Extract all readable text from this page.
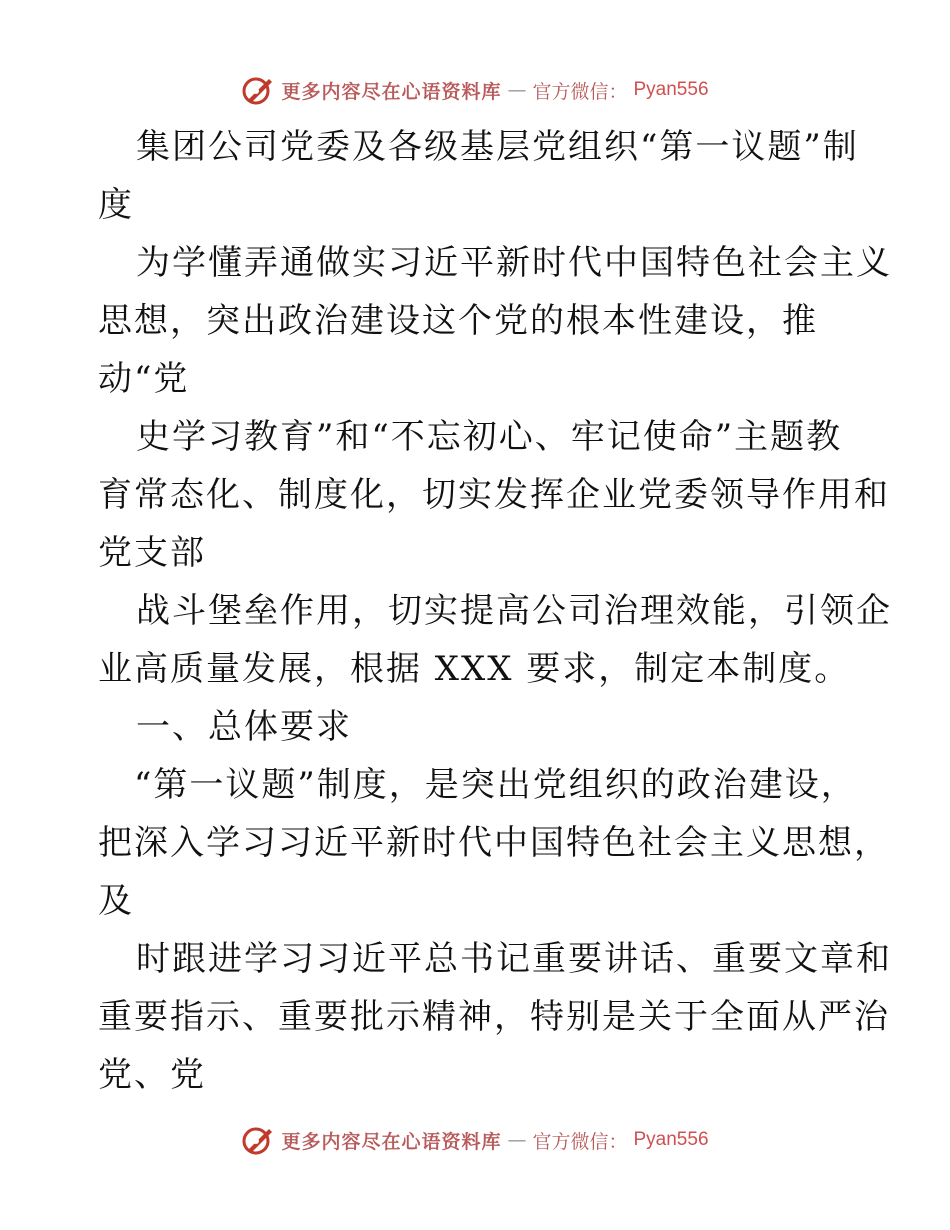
更多内容尽在心语资料库 — 官方微信： Pyan556
集团公司党委及各级基层党组织“第一议题”制
度
为学懂弄通做实习近平新时代中国特色社会主义
思想，突出政治建设这个党的根本性建设，推
动“党
史学习教育”和“不忘初心、牢记使命”主题教
育常态化、制度化，切实发挥企业党委领导作用和
党支部
战斗堡垒作用，切实提高公司治理效能，引领企
业高质量发展，根据 XXX 要求，制定本制度。
一、总体要求
“第一议题”制度，是突出党组织的政治建设，
把深入学习习近平新时代中国特色社会主义思想，
及
时跟进学习习近平总书记重要讲话、重要文章和
重要指示、重要批示精神，特别是关于全面从严治
党、党
更多内容尽在心语资料库 — 官方微信： Pyan556
